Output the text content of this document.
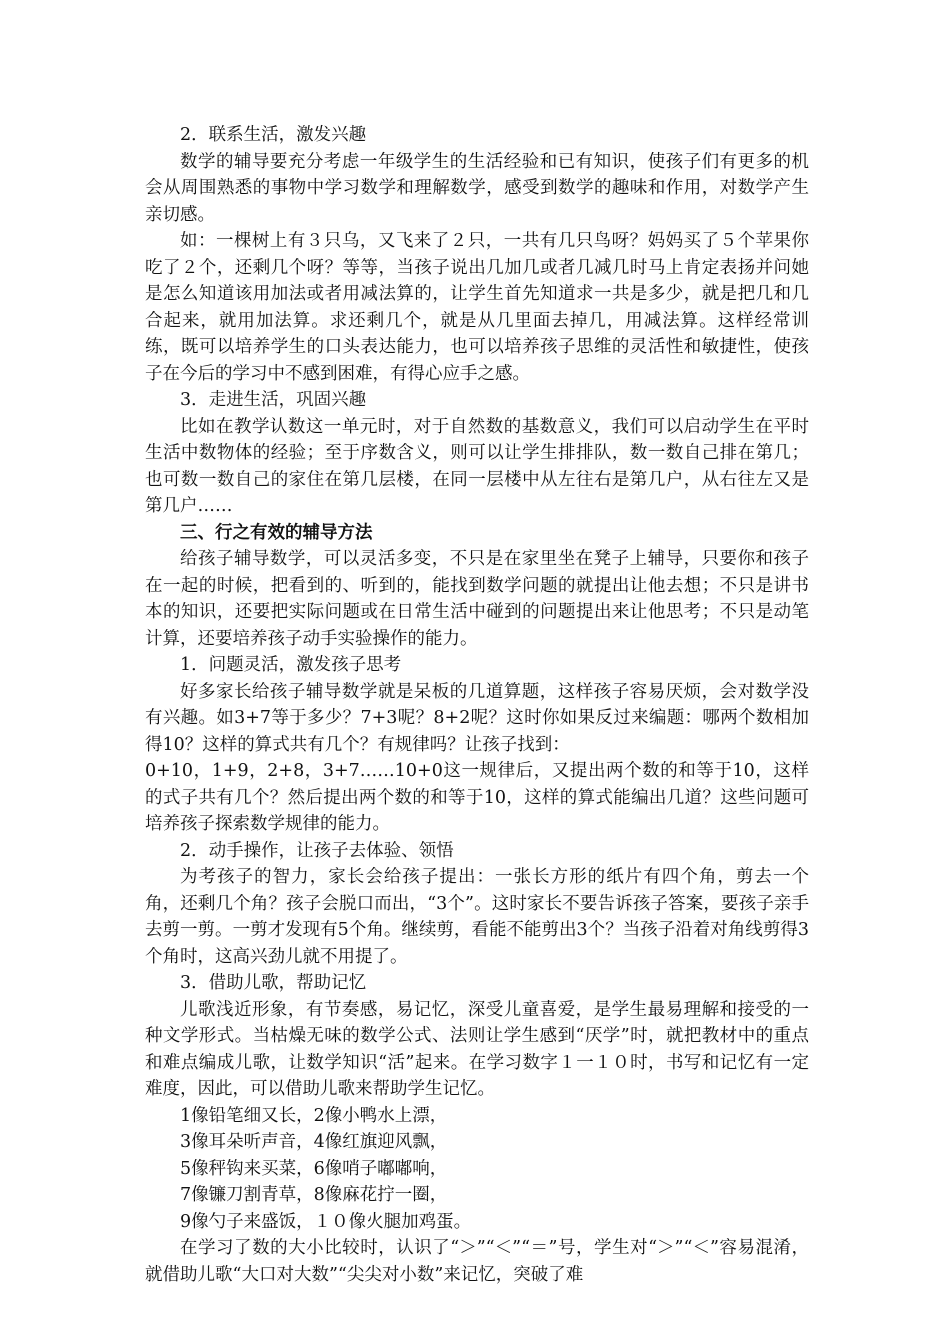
2．联系生活，激发兴趣

数学的辅导要充分考虑一年级学生的生活经验和已有知识，使孩子们有更多的机会从周围熟悉的事物中学习数学和理解数学，感受到数学的趣味和作用，对数学产生亲切感。

如：一棵树上有３只乌，又飞来了２只，一共有几只鸟呀？妈妈买了５个苹果你吃了２个，还剩几个呀？等等，当孩子说出几加几或者几减几时马上肯定表扬并问她是怎么知道该用加法或者用减法算的，让学生首先知道求一共是多少，就是把几和几合起来，就用加法算。求还剩几个，就是从几里面去掉几，用减法算。这样经常训练，既可以培养学生的口头表达能力，也可以培养孩子思维的灵活性和敏捷性，使孩子在今后的学习中不感到困难，有得心应手之感。

3．走进生活，巩固兴趣

比如在教学认数这一单元时，对于自然数的基数意义，我们可以启动学生在平时生活中数物体的经验；至于序数含义，则可以让学生排排队，数一数自己排在第几；也可数一数自己的家住在第几层楼，在同一层楼中从左往右是第几户，从右往左又是第几户……

三、行之有效的辅导方法

给孩子辅导数学，可以灵活多变，不只是在家里坐在凳子上辅导，只要你和孩子在一起的时候，把看到的、听到的，能找到数学问题的就提出让他去想；不只是讲书本的知识，还要把实际问题或在日常生活中碰到的问题提出来让他思考；不只是动笔计算，还要培养孩子动手实验操作的能力。

1．问题灵活，激发孩子思考

好多家长给孩子辅导数学就是呆板的几道算题，这样孩子容易厌烦，会对数学没有兴趣。如3+7等于多少？7+3呢？8+2呢？这时你如果反过来编题：哪两个数相加得10？这样的算式共有几个？有规律吗？让孩子找到：

0+10，1+9，2+8，3+7……10+0这一规律后，又提出两个数的和等于10，这样的式子共有几个？然后提出两个数的和等于10，这样的算式能编出几道？这些问题可培养孩子探索数学规律的能力。

2．动手操作，让孩子去体验、领悟

为考孩子的智力，家长会给孩子提出：一张长方形的纸片有四个角，剪去一个角，还剩几个角？孩子会脱口而出，“3个”。这时家长不要告诉孩子答案，要孩子亲手去剪一剪。一剪才发现有5个角。继续剪，看能不能剪出3个？当孩子沿着对角线剪得3个角时，这高兴劲儿就不用提了。

3．借助儿歌，帮助记忆

儿歌浅近形象，有节奏感，易记忆，深受儿童喜爱，是学生最易理解和接受的一种文学形式。当枯燥无味的数学公式、法则让学生感到“厌学”时，就把教材中的重点和难点编成儿歌，让数学知识“活”起来。在学习数字１一１０时，书写和记忆有一定难度，因此，可以借助儿歌来帮助学生记忆。

1像铅笔细又长，2像小鸭水上漂，

3像耳朵听声音，4像红旗迎风飘，

5像秤钩来买菜，6像哨子嘟嘟响，

7像镰刀割青草，8像麻花拧一圈，

9像勺子来盛饭，１０像火腿加鸡蛋。

在学习了数的大小比较时，认识了“＞”“＜”“＝”号，学生对“＞”“＜”容易混淆，就借助儿歌“大口对大数”“尖尖对小数”来记忆，突破了难
